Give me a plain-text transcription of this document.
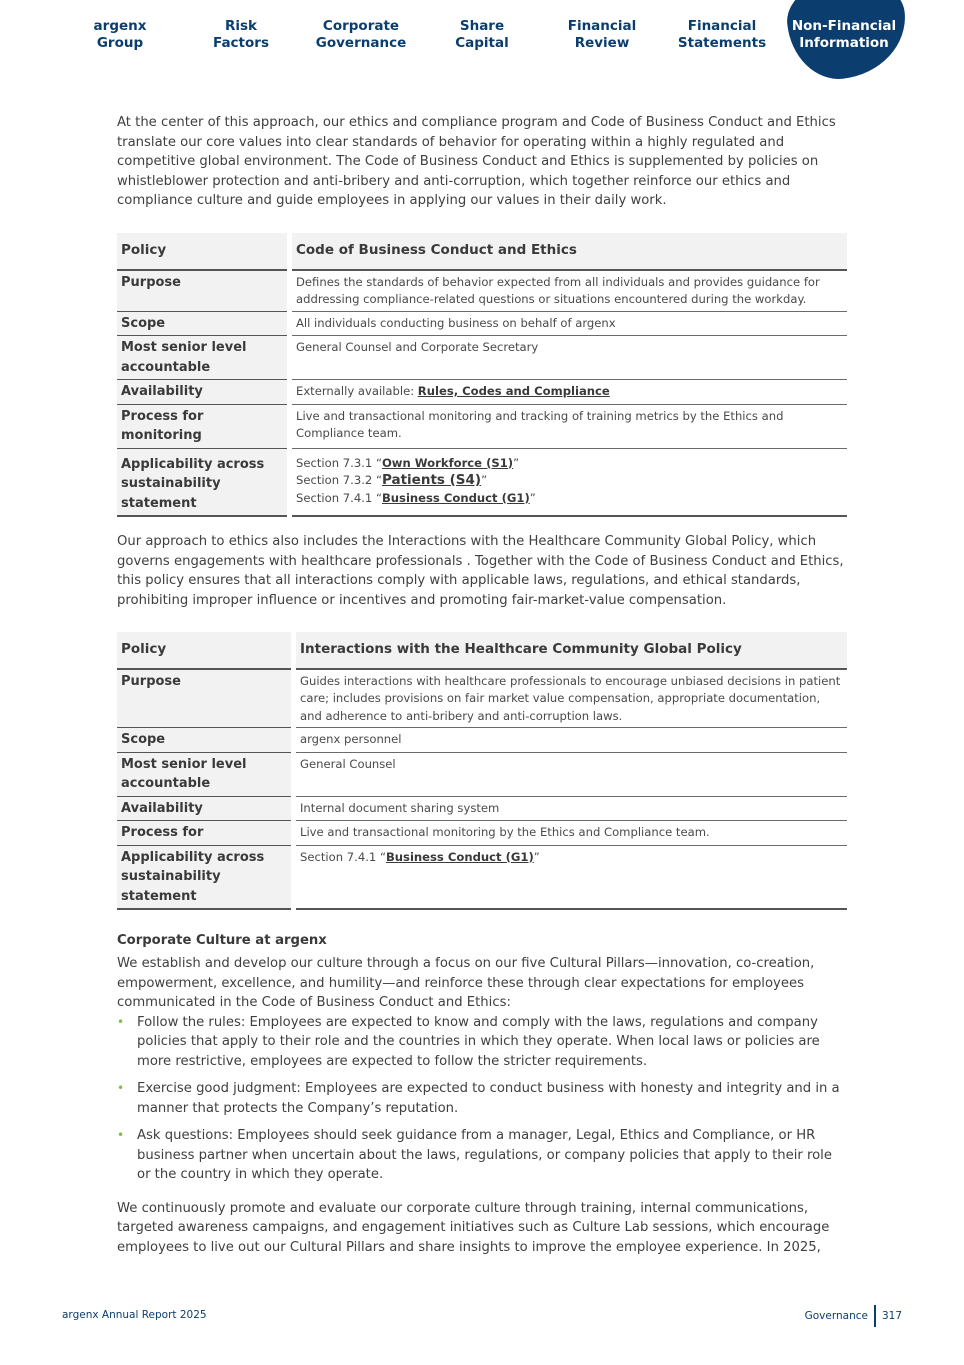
argenx
Group
Risk
Factors
Corporate
Governance
Share
Capital
Financial
Review
Financial
Statements
Non-Financial
Information

At the center of this approach, our ethics and compliance program and Code of Business Conduct and Ethics translate our core values into clear standards of behavior for operating within a highly regulated and competitive global environment. The Code of Business Conduct and Ethics is supplemented by policies on whistleblower protection and anti-bribery and anti-corruption, which together reinforce our ethics and compliance culture and guide employees in applying our values in their daily work.

Policy		Code of Business Conduct and Ethics
Purpose		Defines the standards of behavior expected from all individuals and provides guidance for addressing compliance-related questions or situations encountered during the workday.
Scope		All individuals conducting business on behalf of argenx
Most senior level accountable		General Counsel and Corporate Secretary
Availability		Externally available: Rules, Codes and Compliance
Process for monitoring		Live and transactional monitoring and tracking of training metrics by the Ethics and Compliance team.
Applicability across sustainability statement		Section 7.3.1 “Own Workforce (S1)”
Section 7.3.2 “Patients (S4)”
Section 7.4.1 “Business Conduct (G1)”

Our approach to ethics also includes the Interactions with the Healthcare Community Global Policy, which governs engagements with healthcare professionals . Together with the Code of Business Conduct and Ethics, this policy ensures that all interactions comply with applicable laws, regulations, and ethical standards, prohibiting improper influence or incentives and promoting fair-market-value compensation.

Policy		Interactions with the Healthcare Community Global Policy
Purpose		Guides interactions with healthcare professionals to encourage unbiased decisions in patient care; includes provisions on fair market value compensation, appropriate documentation, and adherence to anti-bribery and anti-corruption laws.
Scope		argenx personnel
Most senior level accountable		General Counsel
Availability		Internal document sharing system
Process for		Live and transactional monitoring by the Ethics and Compliance team.
Applicability across sustainability statement		Section 7.4.1 “Business Conduct (G1)”
Corporate Culture at argenx

We establish and develop our culture through a focus on our five Cultural Pillars—innovation, co-creation, empowerment, excellence, and humility—and reinforce these through clear expectations for employees communicated in the Code of Business Conduct and Ethics:

• Follow the rules: Employees are expected to know and comply with the laws, regulations and company policies that apply to their role and the countries in which they operate. When local laws or policies are more restrictive, employees are expected to follow the stricter requirements.
• Exercise good judgment: Employees are expected to conduct business with honesty and integrity and in a manner that protects the Company’s reputation.
• Ask questions: Employees should seek guidance from a manager, Legal, Ethics and Compliance, or HR business partner when uncertain about the laws, regulations, or company policies that apply to their role or the country in which they operate.

We continuously promote and evaluate our corporate culture through training, internal communications, targeted awareness campaigns, and engagement initiatives such as Culture Lab sessions, which encourage employees to live out our Cultural Pillars and share insights to improve the employee experience. In 2025,

argenx Annual Report 2025	Governance 317
